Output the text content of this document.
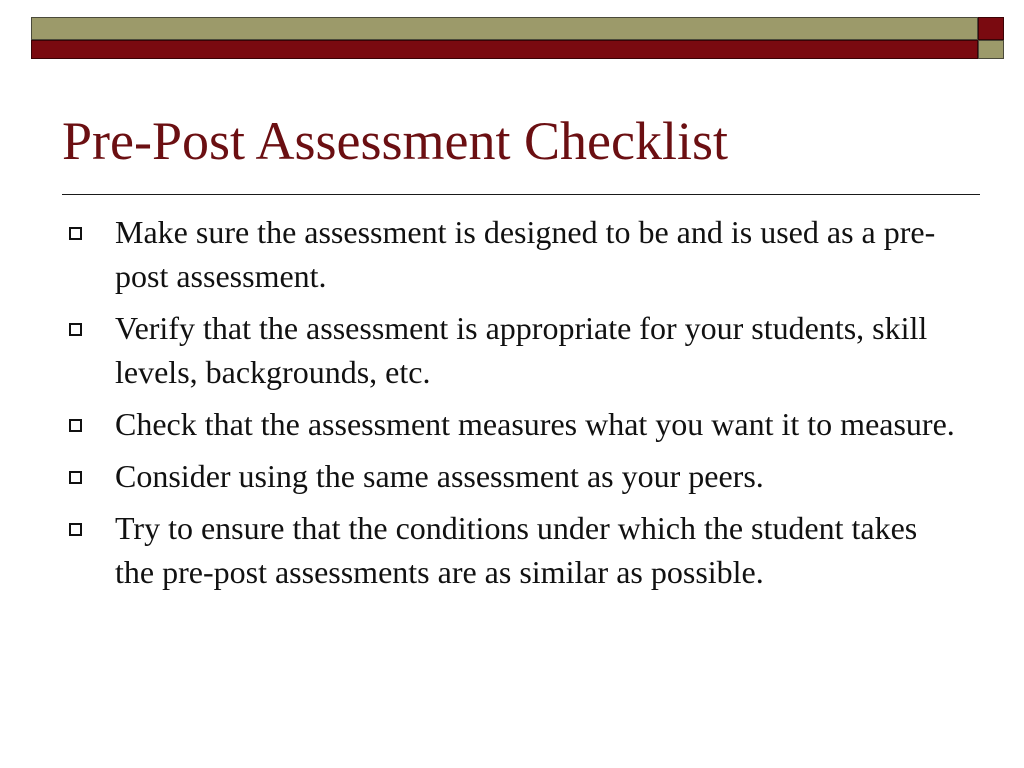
Pre-Post Assessment Checklist
Make sure the assessment is designed to be and is used as a pre-post assessment.
Verify that the assessment is appropriate for your students, skill levels, backgrounds, etc.
Check that the assessment measures what you want it to measure.
Consider using the same assessment as your peers.
Try to ensure that the conditions under which the student takes the pre-post assessments are as similar as possible.
